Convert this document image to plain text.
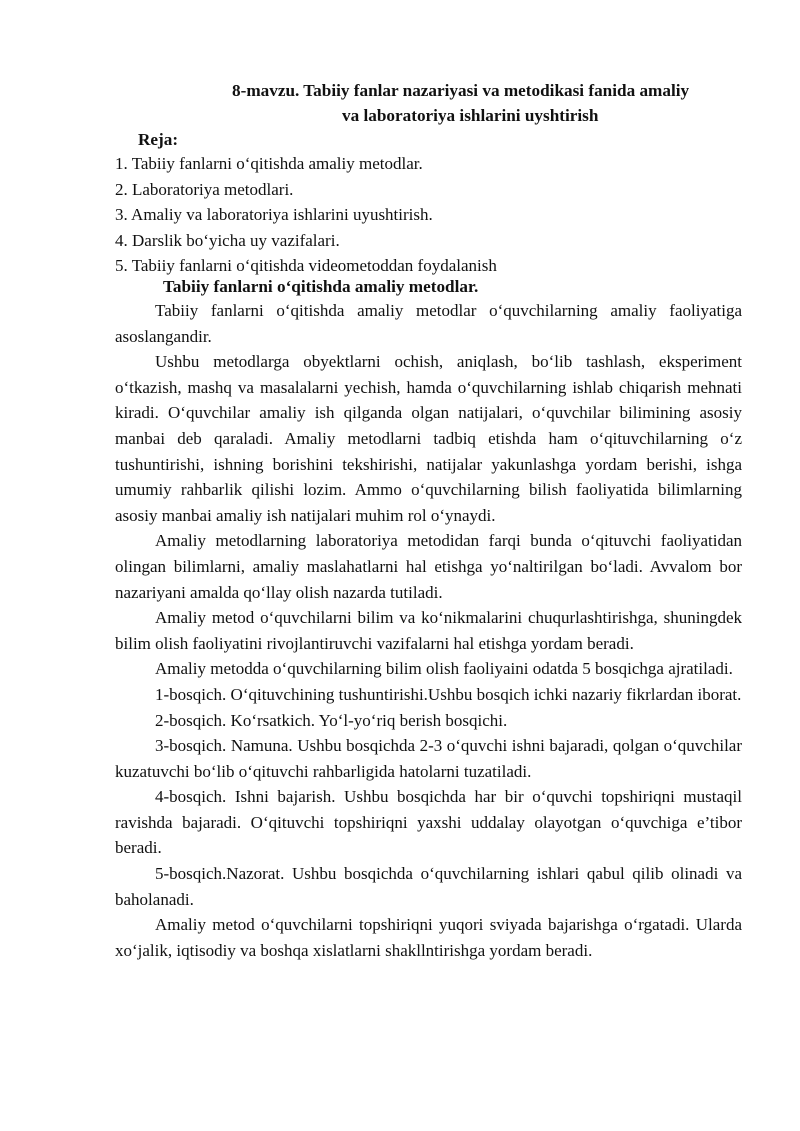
8-mavzu. Tabiiy fanlar nazariyasi va metodikasi fanida amaliy
va laboratoriya ishlarini uyshtirish
Reja:
1. Tabiiy fanlarni o‘qitishda amaliy metodlar.
2. Laboratoriya metodlari.
3. Amaliy va laboratoriya ishlarini uyushtirish.
4. Darslik bo‘yicha uy vazifalari.
5. Tabiiy fanlarni o‘qitishda videometoddan foydalanish
Tabiiy fanlarni o‘qitishda amaliy metodlar.

Tabiiy fanlarni o‘qitishda amaliy metodlar o‘quvchilarning amaliy faoliyatiga asoslangandir.

Ushbu metodlarga obyektlarni ochish, aniqlash, bo‘lib tashlash, eksperiment o‘tkazish, mashq va masalalarni yechish, hamda o‘quvchilarning ishlab chiqarish mehnati kiradi. O‘quvchilar amaliy ish qilganda olgan natijalari, o‘quvchilar bilimining asosiy manbai deb qaraladi. Amaliy metodlarni tadbiq etishda ham o‘qituvchilarning o‘z tushuntirishi, ishning borishini tekshirishi, natijalar yakunlashga yordam berishi, ishga umumiy rahbarlik qilishi lozim. Ammo o‘quvchilarning bilish faoliyatida bilimlarning asosiy manbai amaliy ish natijalari muhim rol o‘ynaydi.

Amaliy metodlarning laboratoriya metodidan farqi bunda o‘qituvchi faoliyatidan olingan bilimlarni, amaliy maslahatlarni hal etishga yo‘naltirilgan bo‘ladi. Avvalom bor nazariyani amalda qo‘llay olish nazarda tutiladi.

Amaliy metod o‘quvchilarni bilim va ko‘nikmalarini chuqurlashtirishga, shuningdek bilim olish faoliyatini rivojlantiruvchi vazifalarni hal etishga yordam beradi.

Amaliy metodda o‘quvchilarning bilim olish faoliyaini odatda 5 bosqichga ajratiladi.

1-bosqich. O‘qituvchining tushuntirishi.Ushbu bosqich ichki nazariy fikrlardan iborat.

2-bosqich. Ko‘rsatkich. Yo‘l-yo‘riq berish bosqichi.

3-bosqich. Namuna. Ushbu bosqichda 2-3 o‘quvchi ishni bajaradi, qolgan o‘quvchilar kuzatuvchi bo‘lib o‘qituvchi rahbarligida hatolarni tuzatiladi.

4-bosqich. Ishni bajarish. Ushbu bosqichda har bir o‘quvchi topshiriqni mustaqil ravishda bajaradi. O‘qituvchi topshiriqni yaxshi uddalay olayotgan o‘quvchiga e’tibor beradi.

5-bosqich.Nazorat. Ushbu bosqichda o‘quvchilarning ishlari qabul qilib olinadi va baholanadi.

Amaliy metod o‘quvchilarni topshiriqni yuqori sviyada bajarishga o‘rgatadi. Ularda xo‘jalik, iqtisodiy va boshqa xislatlarni shakllntirishga yordam beradi.
